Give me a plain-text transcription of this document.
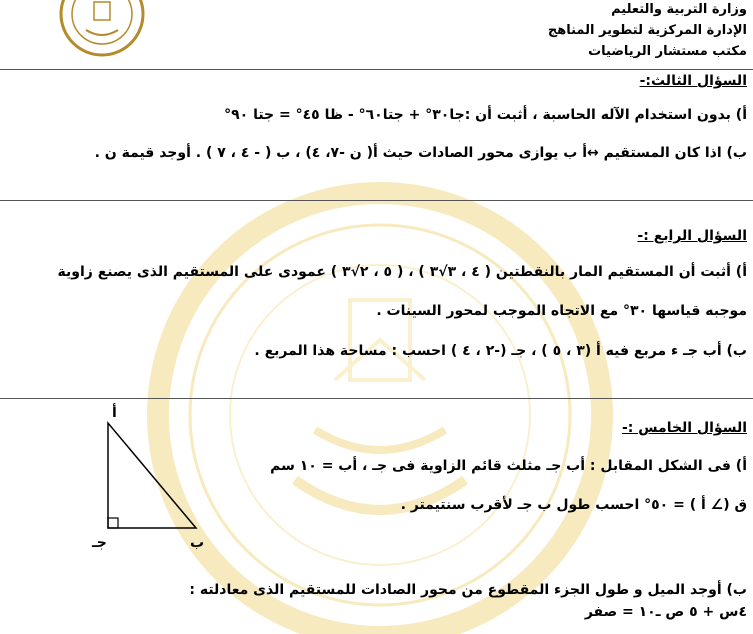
وزارة التربية والتعليم
الإدارة المركزية لتطوير المناهج
مكتب مستشار الرياضيات
السؤال الثالث:-
أ) بدون استخدام الآله الحاسبة ، أثبت أن :جا٣٠° + جتا٦٠° - ظا ٤٥° = جتا ٩٠°
ب) اذا كان المستقيم ↔أ ب يوازى محور الصادات حيث أ( ن -٧، ٤) ، ب ( - ٤ ، ٧ ) . أوجد قيمة ن .
السؤال الرابع :-
أ) أثبت أن المستقيم المار بالنقطتين ( ٤ ، ٣√٣ ) ، ( ٥ ، ٢√٣ ) عمودى على المستقيم الذى يصنع زاوية
موجبه قياسها ٣٠° مع الاتجاه الموجب لمحور السينات .
ب) أب جـ ء مربع فيه أ (٣ ، ٥ ) ، جـ (-٢ ، ٤ ) احسب : مساحة هذا المربع .
السؤال الخامس :-
أ) فى الشكل المقابل : أب جـ مثلث قائم الزاوية فى جـ ، أب = ١٠ سم
ق (∠ أ ) = ٥٠° احسب طول ب جـ لأقرب سنتيمتر .
ب) أوجد الميل و طول الجزء المقطوع من محور الصادات للمستقيم الذى معادلته :
٤س + ٥ ص ـ١٠ = صفر
أ
جـ	ب
